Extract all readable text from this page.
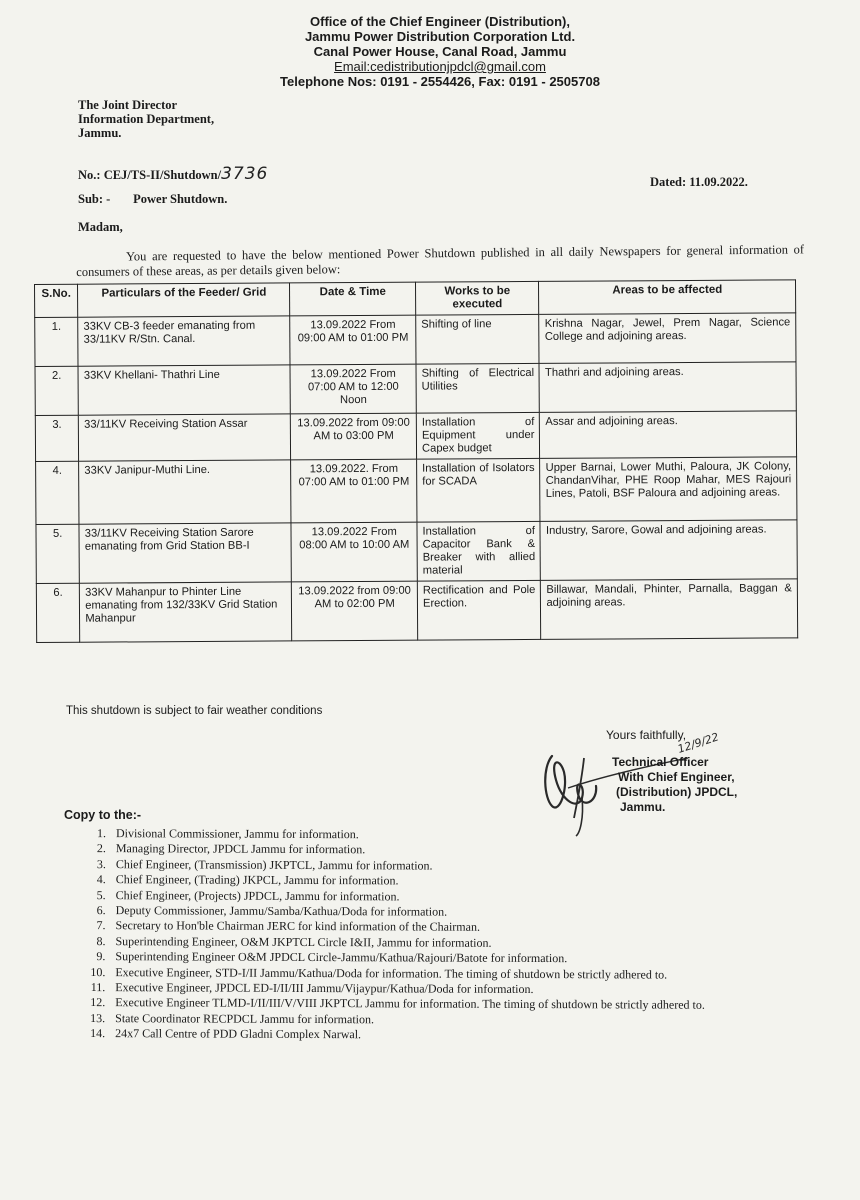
Office of the Chief Engineer (Distribution),
Jammu Power Distribution Corporation Ltd.
Canal Power House, Canal Road, Jammu
Email:cedistributionjpdcl@gmail.com
Telephone Nos: 0191 - 2554426, Fax: 0191 - 2505708
The Joint Director
Information Department,
Jammu.
No.: CEJ/TS-II/Shutdown/3736	Dated: 11.09.2022.
Sub: - Power Shutdown.
Madam,
You are requested to have the below mentioned Power Shutdown published in all daily Newspapers for general information of consumers of these areas, as per details given below:
S.No.	Particulars of the Feeder/ Grid	Date & Time	Works to be executed	Areas to be affected
1.	33KV CB-3 feeder emanating from 33/11KV R/Stn. Canal.	13.09.2022 From 09:00 AM to 01:00 PM	Shifting of line	Krishna Nagar, Jewel, Prem Nagar, Science College and adjoining areas.
2.	33KV Khellani- Thathri Line	13.09.2022 From 07:00 AM to 12:00 Noon	Shifting of Electrical Utilities	Thathri and adjoining areas.
3.	33/11KV Receiving Station Assar	13.09.2022 from 09:00 AM to 03:00 PM	Installation of Equipment under Capex budget	Assar and adjoining areas.
4.	33KV Janipur-Muthi Line.	13.09.2022. From 07:00 AM to 01:00 PM	Installation of Isolators for SCADA	Upper Barnai, Lower Muthi, Paloura, JK Colony, ChandanVihar, PHE Roop Mahar, MES Rajouri Lines, Patoli, BSF Paloura and adjoining areas.
5.	33/11KV Receiving Station Sarore emanating from Grid Station BB-I	13.09.2022 From 08:00 AM to 10:00 AM	Installation of Capacitor Bank & Breaker with allied material	Industry, Sarore, Gowal and adjoining areas.
6.	33KV Mahanpur to Phinter Line emanating from 132/33KV Grid Station Mahanpur	13.09.2022 from 09:00 AM to 02:00 PM	Rectification and Pole Erection.	Billawar, Mandali, Phinter, Parnalla, Baggan & adjoining areas.
This shutdown is subject to fair weather conditions
12/9/22
Yours faithfully,
Technical Officer
With Chief Engineer,
(Distribution) JPDCL,
Jammu.
Copy to the:-
1. Divisional Commissioner, Jammu for information.
2. Managing Director, JPDCL Jammu for information.
3. Chief Engineer, (Transmission) JKPTCL, Jammu for information.
4. Chief Engineer, (Trading) JKPCL, Jammu for information.
5. Chief Engineer, (Projects) JPDCL, Jammu for information.
6. Deputy Commissioner, Jammu/Samba/Kathua/Doda for information.
7. Secretary to Hon'ble Chairman JERC for kind information of the Chairman.
8. Superintending Engineer, O&M JKPTCL Circle I&II, Jammu for information.
9. Superintending Engineer O&M JPDCL Circle-Jammu/Kathua/Rajouri/Batote for information.
10. Executive Engineer, STD-I/II Jammu/Kathua/Doda for information. The timing of shutdown be strictly adhered to.
11. Executive Engineer, JPDCL ED-I/II/III Jammu/Vijaypur/Kathua/Doda for information.
12. Executive Engineer TLMD-I/II/III/V/VIII JKPTCL Jammu for information. The timing of shutdown be strictly adhered to.
13. State Coordinator RECPDCL Jammu for information.
14. 24x7 Call Centre of PDD Gladni Complex Narwal.
